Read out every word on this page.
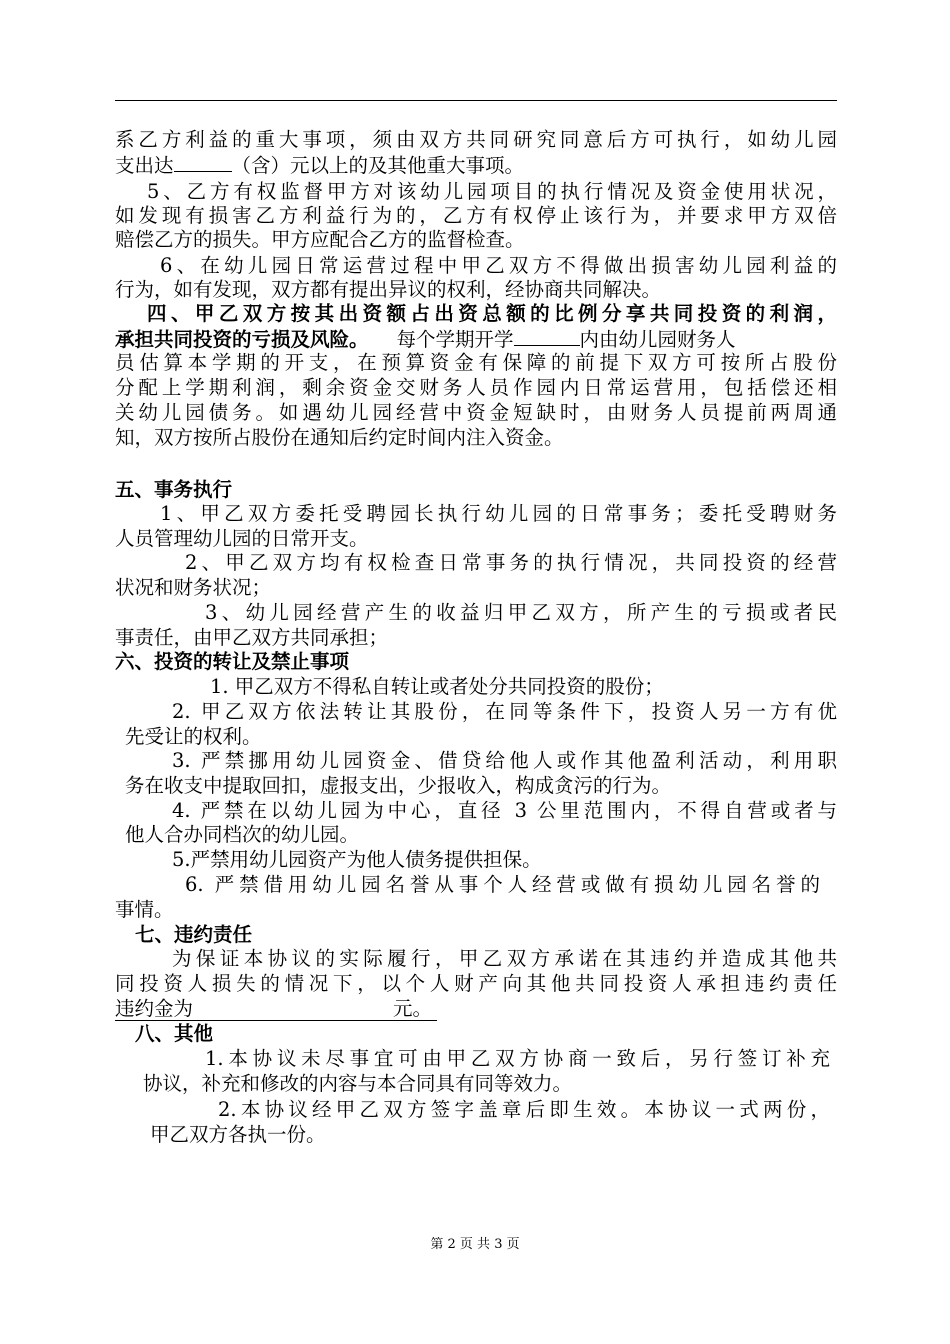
系乙方利益的重大事项，须由双方共同研究同意后方可执行，如幼儿园
支出达	（含）元以上的及其他重大事项。
5、乙方有权监督甲方对该幼儿园项目的执行情况及资金使用状况，
如发现有损害乙方利益行为的，乙方有权停止该行为，并要求甲方双倍
赔偿乙方的损失。甲方应配合乙方的监督检查。
6、在幼儿园日常运营过程中甲乙双方不得做出损害幼儿园利益的
行为，如有发现，双方都有提出异议的权利，经协商共同解决。
四、甲乙双方按其出资额占出资总额的比例分享共同投资的利润，
承担共同投资的亏损及风险。 每个学期开学	内由幼儿园财务人
员估算本学期的开支，在预算资金有保障的前提下双方可按所占股份
分配上学期利润，剩余资金交财务人员作园内日常运营用，包括偿还相
关幼儿园债务。如遇幼儿园经营中资金短缺时，由财务人员提前两周通
知，双方按所占股份在通知后约定时间内注入资金。
五、事务执行
1、甲乙双方委托受聘园长执行幼儿园的日常事务；委托受聘财务
人员管理幼儿园的日常开支。
2、甲乙双方均有权检查日常事务的执行情况，共同投资的经营
状况和财务状况；
3、幼儿园经营产生的收益归甲乙双方，所产生的亏损或者民
事责任，由甲乙双方共同承担；
六、投资的转让及禁止事项
1. 甲乙双方不得私自转让或者处分共同投资的股份；
2. 甲乙双方依法转让其股份，在同等条件下，投资人另一方有优
先受让的权利。
3. 严禁挪用幼儿园资金、借贷给他人或作其他盈利活动，利用职
务在收支中提取回扣，虚报支出，少报收入，构成贪污的行为。
4. 严禁在以幼儿园为中心，直径 3 公里范围内，不得自营或者与
他人合办同档次的幼儿园。
5.严禁用幼儿园资产为他人债务提供担保。
6. 严禁借用幼儿园名誉从事个人经营或做有损幼儿园名誉的
事情。
七、违约责任
为保证本协议的实际履行，甲乙双方承诺在其违约并造成其他共
同投资人损失的情况下，以个人财产向其他共同投资人承担违约责任
违约金为	元。
八、其他
1.本协议未尽事宜可由甲乙双方协商一致后，另行签订补充
协议，补充和修改的内容与本合同具有同等效力。
2.本协议经甲乙双方签字盖章后即生效。本协议一式两份，
甲乙双方各执一份。
第 2 页 共 3 页
